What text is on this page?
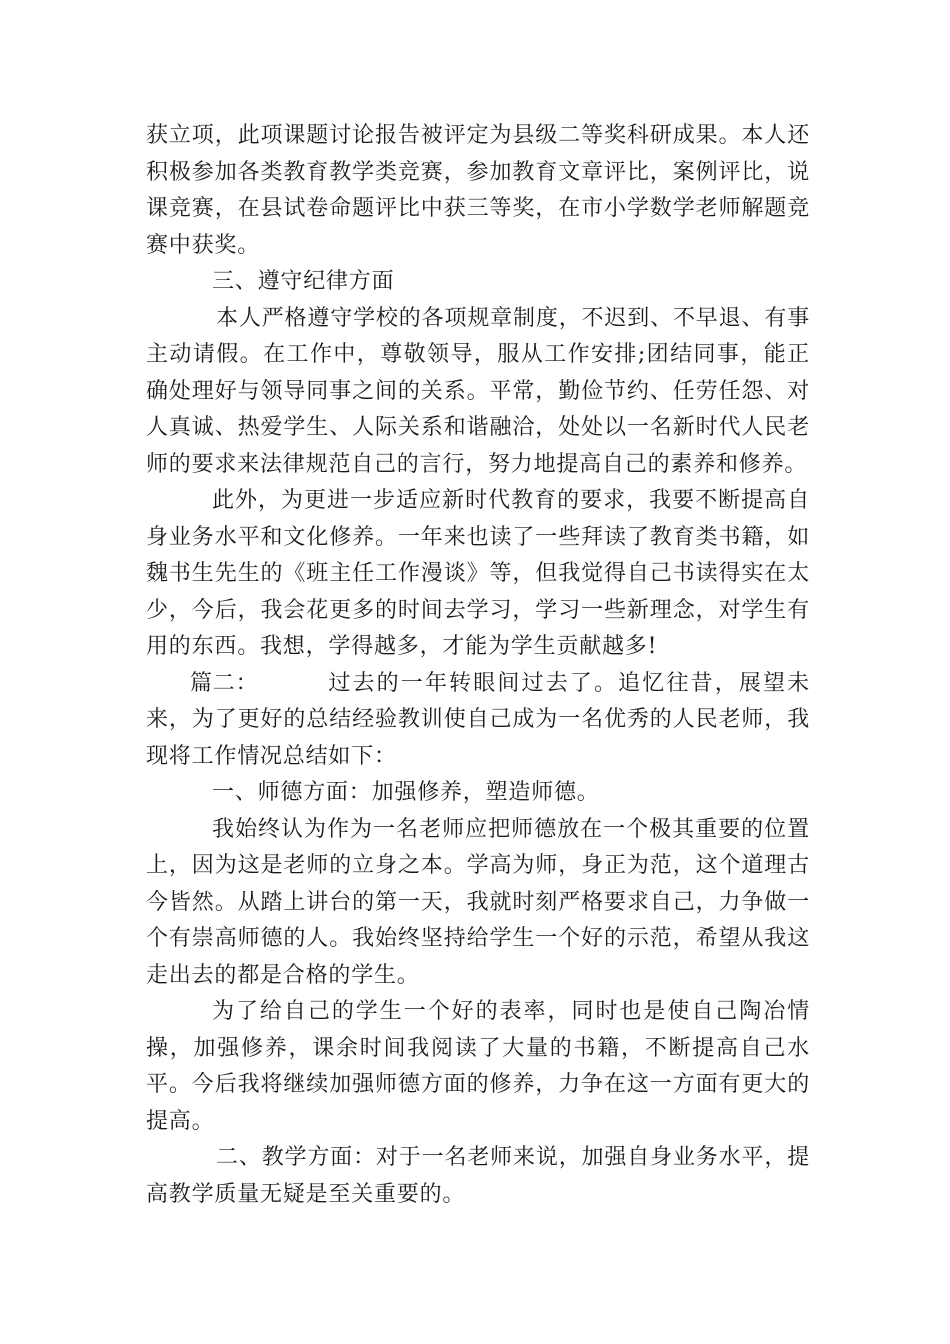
获立项，此项课题讨论报告被评定为县级二等奖科研成果。本人还积极参加各类教育教学类竞赛，参加教育文章评比，案例评比，说课竞赛，在县试卷命题评比中获三等奖，在市小学数学老师解题竞赛中获奖。

三、遵守纪律方面

本人严格遵守学校的各项规章制度，不迟到、不早退、有事主动请假。在工作中，尊敬领导，服从工作安排;团结同事，能正确处理好与领导同事之间的关系。平常，勤俭节约、任劳任怨、对人真诚、热爱学生、人际关系和谐融洽，处处以一名新时代人民老师的要求来法律规范自己的言行，努力地提高自己的素养和修养。

此外，为更进一步适应新时代教育的要求，我要不断提高自身业务水平和文化修养。一年来也读了一些拜读了教育类书籍，如魏书生先生的《班主任工作漫谈》等，但我觉得自己书读得实在太少，今后，我会花更多的时间去学习，学习一些新理念，对学生有用的东西。我想，学得越多，才能为学生贡献越多!

篇二：	过去的一年转眼间过去了。追忆往昔，展望未来，为了更好的总结经验教训使自己成为一名优秀的人民老师，我现将工作情况总结如下：

一、师德方面：加强修养，塑造师德。

我始终认为作为一名老师应把师德放在一个极其重要的位置上，因为这是老师的立身之本。学高为师，身正为范，这个道理古今皆然。从踏上讲台的第一天，我就时刻严格要求自己，力争做一个有崇高师德的人。我始终坚持给学生一个好的示范，希望从我这走出去的都是合格的学生。

为了给自己的学生一个好的表率，同时也是使自己陶冶情操，加强修养，课余时间我阅读了大量的书籍，不断提高自己水平。今后我将继续加强师德方面的修养，力争在这一方面有更大的提高。

二、教学方面：对于一名老师来说，加强自身业务水平，提高教学质量无疑是至关重要的。
